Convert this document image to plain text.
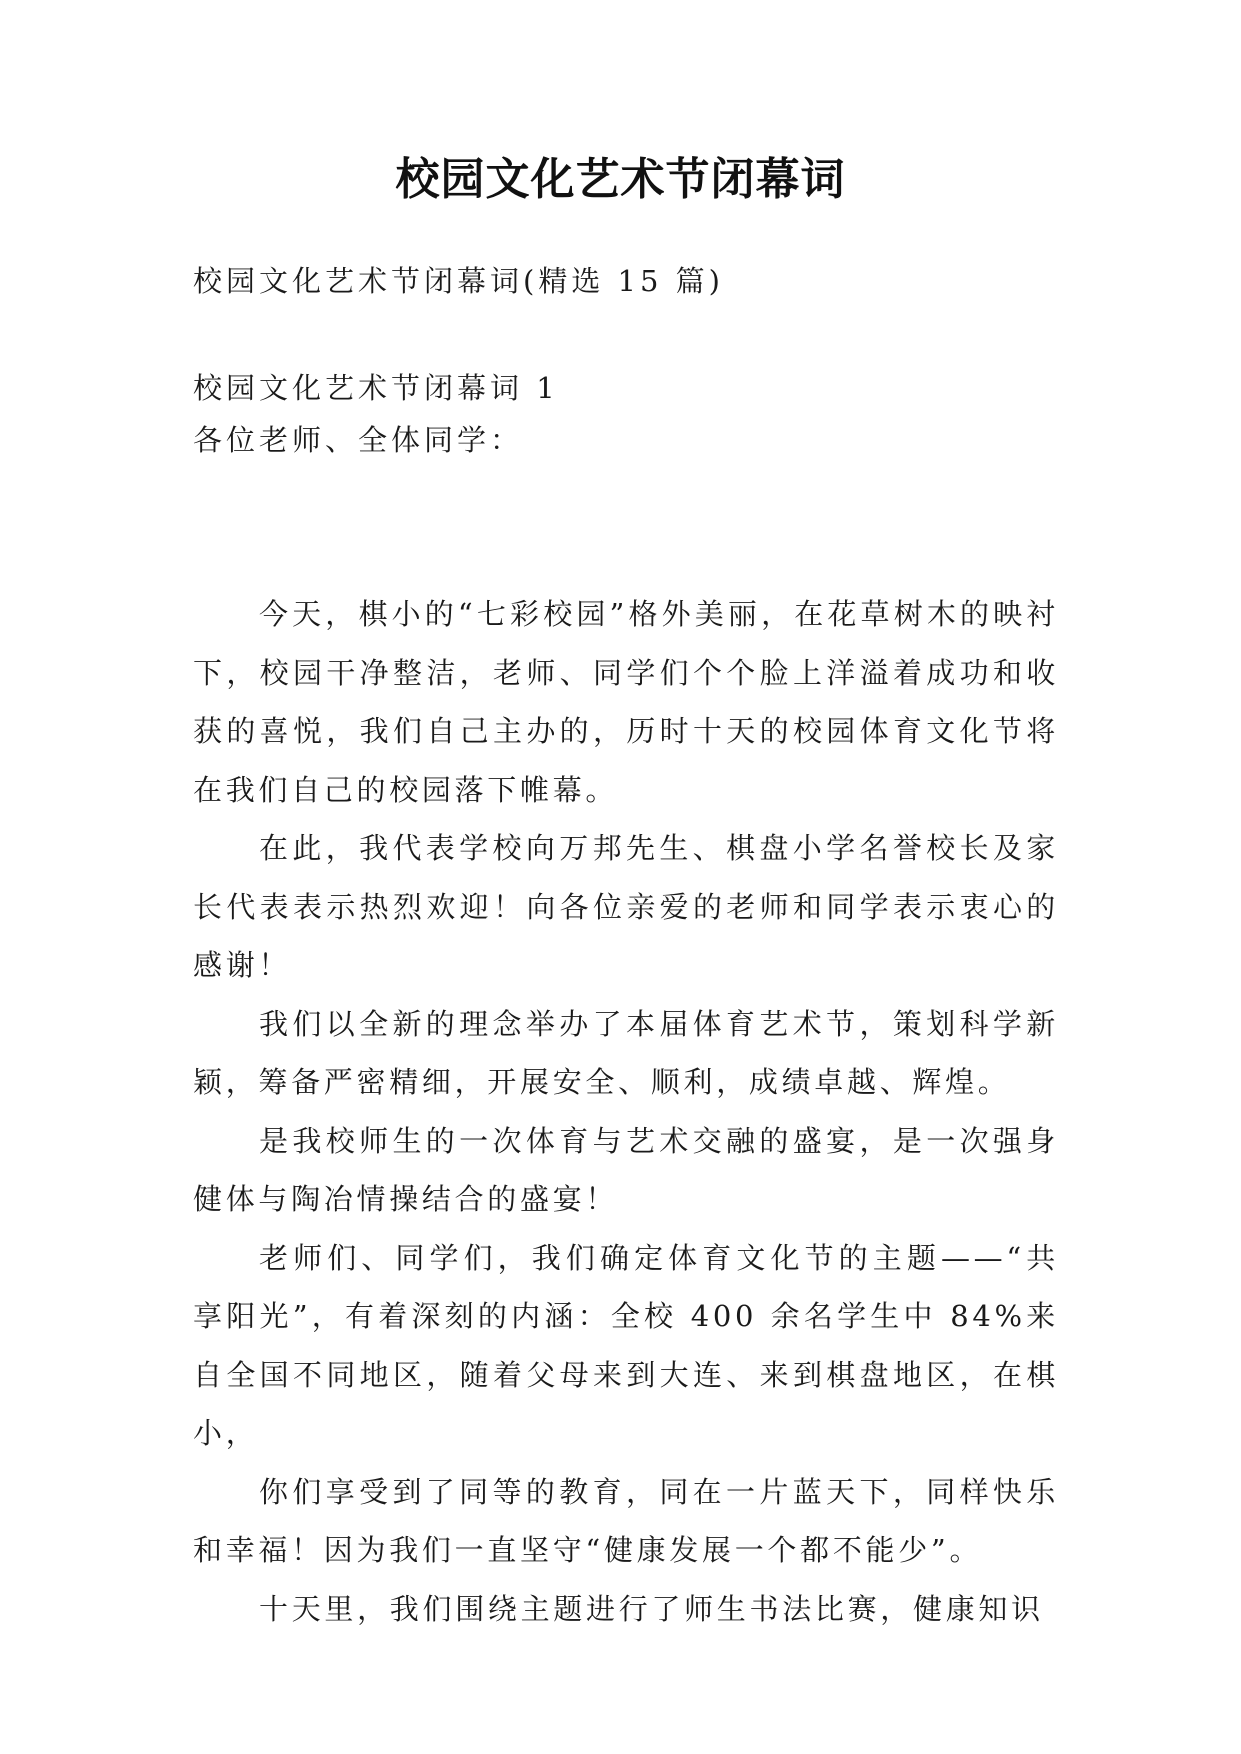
校园文化艺术节闭幕词
校园文化艺术节闭幕词(精选 15 篇)
校园文化艺术节闭幕词 1
各位老师、全体同学：

今天，棋小的“七彩校园”格外美丽，在花草树木的映衬下，校园干净整洁，老师、同学们个个脸上洋溢着成功和收获的喜悦，我们自己主办的，历时十天的校园体育文化节将在我们自己的校园落下帷幕。

在此，我代表学校向万邦先生、棋盘小学名誉校长及家长代表表示热烈欢迎！向各位亲爱的老师和同学表示衷心的感谢！

我们以全新的理念举办了本届体育艺术节，策划科学新颖，筹备严密精细，开展安全、顺利，成绩卓越、辉煌。

是我校师生的一次体育与艺术交融的盛宴，是一次强身健体与陶冶情操结合的盛宴！

老师们、同学们，我们确定体育文化节的主题——“共享阳光”，有着深刻的内涵：全校 400 余名学生中 84%来自全国不同地区，随着父母来到大连、来到棋盘地区，在棋小，

你们享受到了同等的教育，同在一片蓝天下，同样快乐和幸福！因为我们一直坚守“健康发展一个都不能少”。

十天里，我们围绕主题进行了师生书法比赛，健康知识
